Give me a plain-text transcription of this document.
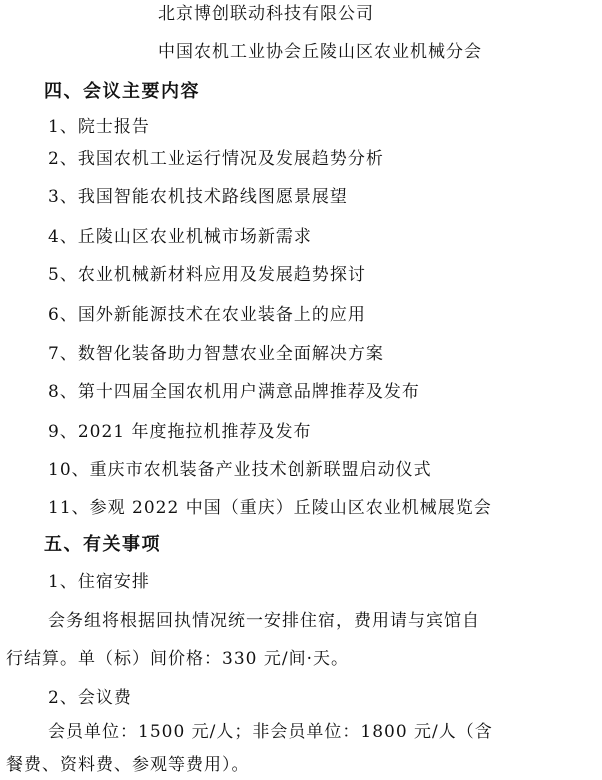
北京博创联动科技有限公司
中国农机工业协会丘陵山区农业机械分会
四、会议主要内容
1、院士报告
2、我国农机工业运行情况及发展趋势分析
3、我国智能农机技术路线图愿景展望
4、丘陵山区农业机械市场新需求
5、农业机械新材料应用及发展趋势探讨
6、国外新能源技术在农业装备上的应用
7、数智化装备助力智慧农业全面解决方案
8、第十四届全国农机用户满意品牌推荐及发布
9、2021 年度拖拉机推荐及发布
10、重庆市农机装备产业技术创新联盟启动仪式
11、参观 2022 中国（重庆）丘陵山区农业机械展览会
五、有关事项
1、住宿安排
会务组将根据回执情况统一安排住宿，费用请与宾馆自
行结算。单（标）间价格：330 元/间·天。
2、会议费
会员单位：1500 元/人；非会员单位：1800 元/人（含
餐费、资料费、参观等费用）。
